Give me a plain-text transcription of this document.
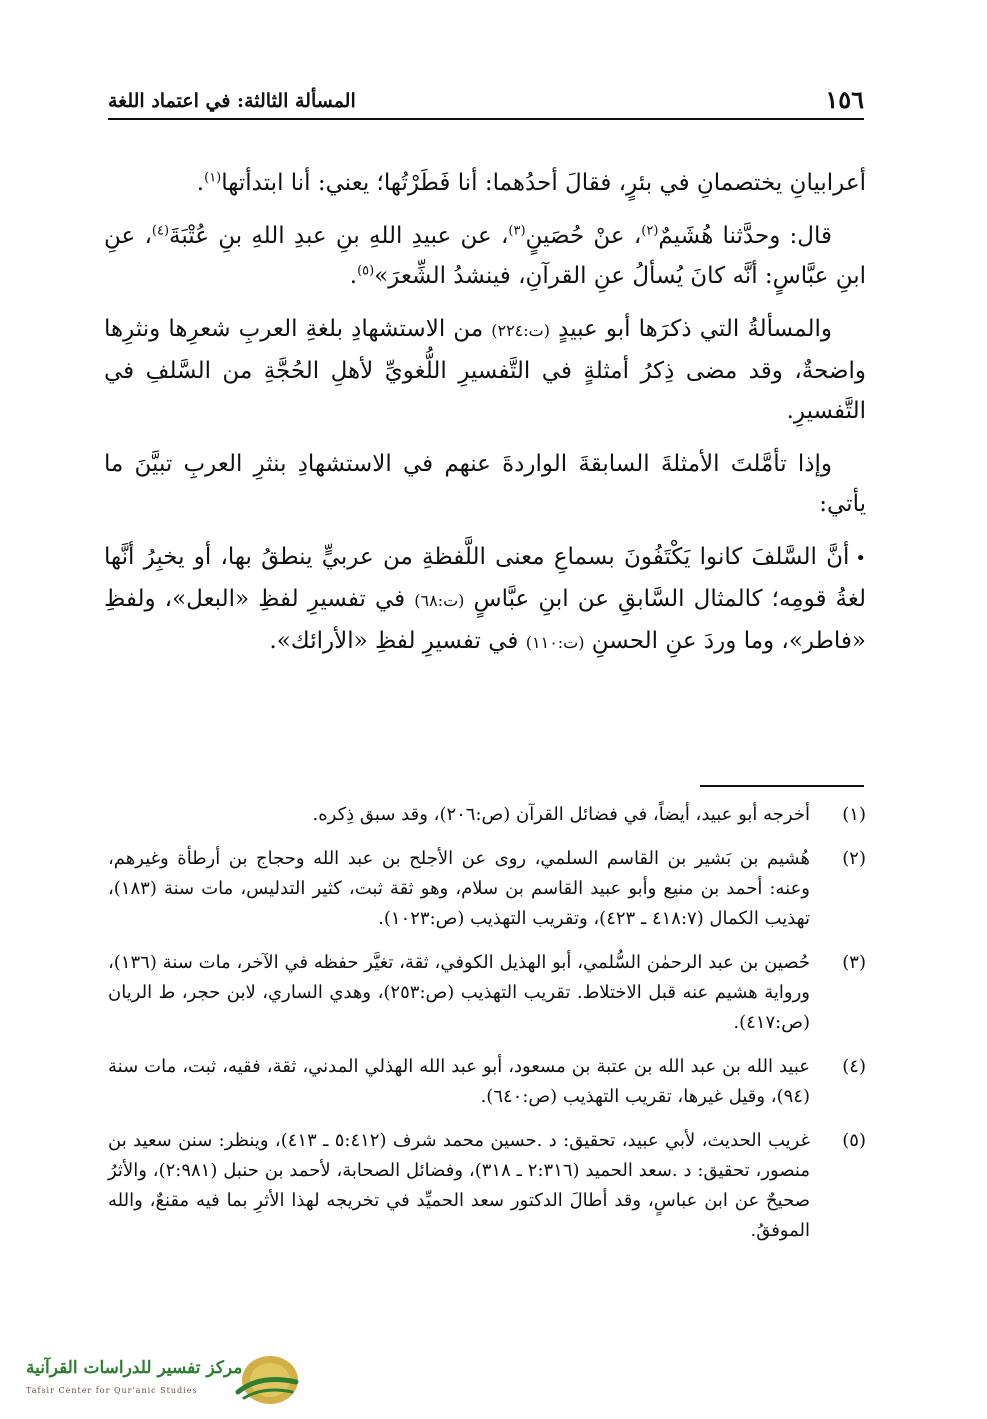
١٥٦
المسألة الثالثة: في اعتماد اللغة

أعرابيانِ يختصمانِ في بئرٍ، فقالَ أحدُهما: أنا فَطَرْتُها؛ يعني: أنا ابتدأتها$^{(١)}$.

قال: وحدَّثنا هُشَيمٌ$^{(٢)}$، عنْ حُصَينٍ$^{(٣)}$، عن عبيدِ اللهِ بنِ عبدِ اللهِ بنِ عُتْبَةَ$^{(٤)}$، عنِ ابنِ عبَّاسٍ: أنَّه كانَ يُسألُ عنِ القرآنِ، فينشدُ الشِّعرَ»$^{(٥)}$.

والمسألةُ التي ذكرَها أبو عبيدٍ (ت:٢٢٤) من الاستشهادِ بلغةِ العربِ شعرِها ونثرِها واضحةٌ، وقد مضى ذِكرُ أمثلةٍ في التَّفسيرِ اللُّغويِّ لأهلِ الحُجَّةِ من السَّلفِ في التَّفسيرِ.

وإذا تأمَّلتَ الأمثلةَ السابقةَ الواردةَ عنهم في الاستشهادِ بنثرِ العربِ تبيَّنَ ما يأتي:

•أنَّ السَّلفَ كانوا يَكْتَفُونَ بسماعِ معنى اللَّفظةِ من عربيٍّ ينطقُ بها، أو يخبِرُ أنَّها لغةُ قومِه؛ كالمثال السَّابقِ عن ابنِ عبَّاسٍ (ت:٦٨) في تفسيرِ لفظِ «البعل»، ولفظِ «فاطر»، وما وردَ عنِ الحسنِ (ت:١١٠) في تفسيرِ لفظِ «الأرائك».

(١)
أخرجه أبو عبيد، أيضاً، في فضائل القرآن (ص:٢٠٦)، وقد سبق ذِكره.
(٢)
هُشيم بن بَشير بن القاسم السلمي، روى عن الأجلح بن عبد الله وحجاج بن أرطأة وغيرهم، وعنه: أحمد بن منيع وأبو عبيد القاسم بن سلام، وهو ثقة ثبت، كثير التدليس، مات سنة (١٨٣)، تهذيب الكمال (٤١٨:٧ ـ ٤٢٣)، وتقريب التهذيب (ص:١٠٢٣).
(٣)
حُصين بن عبد الرحمٰن السُّلمي، أبو الهذيل الكوفي، ثقة، تغيَّر حفظه في الآخر، مات سنة (١٣٦)، ورواية هشيم عنه قبل الاختلاط. تقريب التهذيب (ص:٢٥٣)، وهدي الساري، لابن حجر، ط الريان (ص:٤١٧).
(٤)
عبيد الله بن عبد الله بن عتبة بن مسعود، أبو عبد الله الهذلي المدني، ثقة، فقيه، ثبت، مات سنة (٩٤)، وقيل غيرها، تقريب التهذيب (ص:٦٤٠).
(٥)
غريب الحديث، لأبي عبيد، تحقيق: د .حسين محمد شرف (٥:٤١٢ ـ ٤١٣)، وينظر: سنن سعيد بن منصور، تحقيق: د .سعد الحميد (٢:٣١٦ ـ ٣١٨)، وفضائل الصحابة، لأحمد بن حنبل (٢:٩٨١)، والأثرُ صحيحٌ عن ابن عباسٍ، وقد أطالَ الدكتور سعد الحميِّد في تخريجه لهذا الأثرِ بما فيه مقنعٌ، والله الموفقُ.
مركز تفسير للدراسات القرآنية
Tafsir Center for Qur'anic Studies
